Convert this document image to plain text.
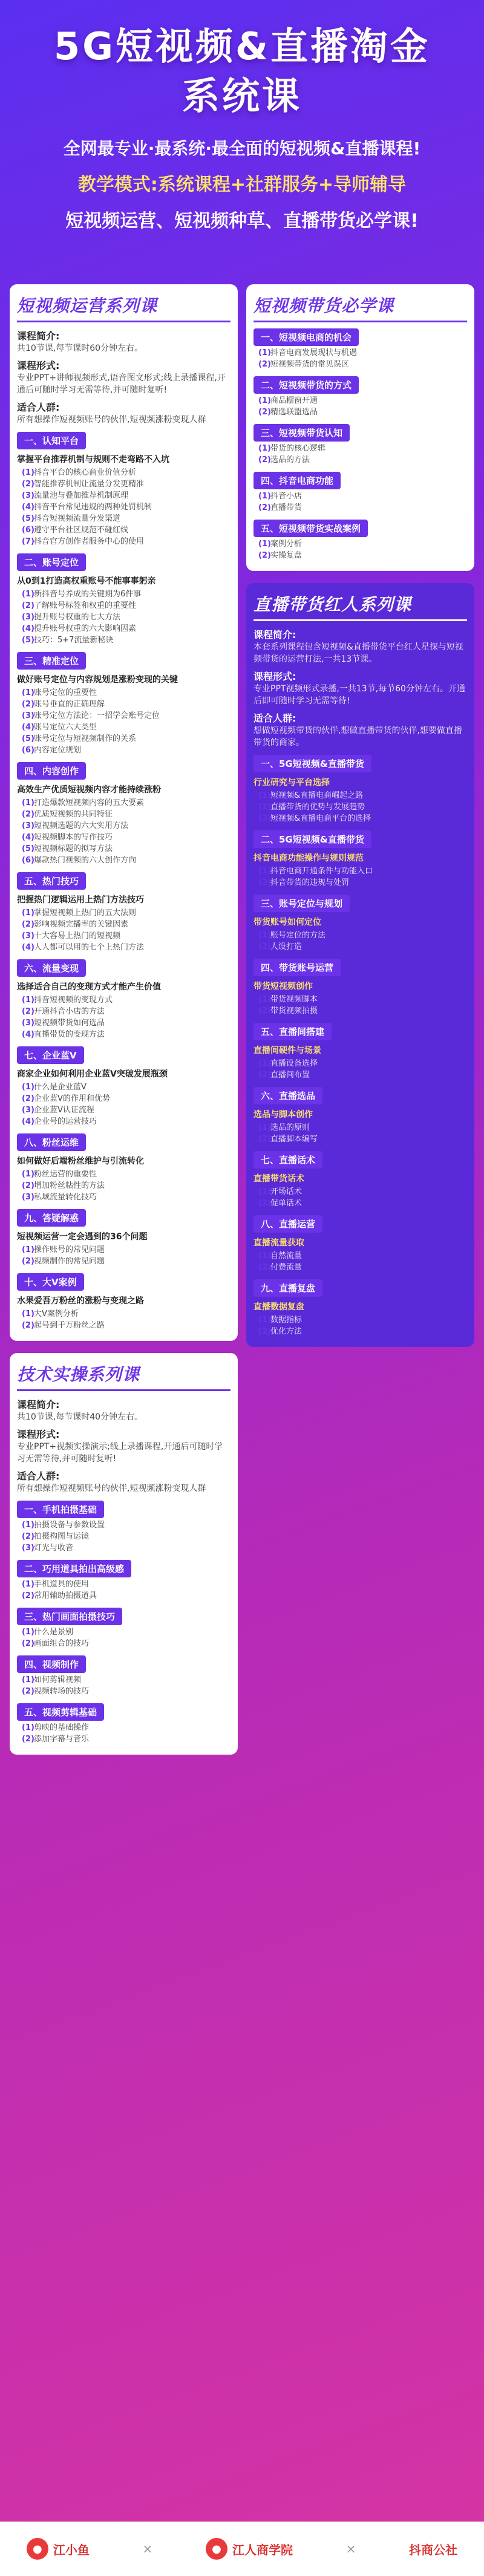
5G短视频&直播淘金
系统课
全网最专业·最系统·最全面的短视频&直播课程!
教学模式:系统课程+社群服务+导师辅导
短视频运营、短视频种草、直播带货必学课!
短视频运营系列课
课程简介:
共10节课,每节课时60分钟左右。
课程形式:
专业PPT+讲师视频形式,语音图文形式;线上录播课程,开通后可随时学习无需等待,并可随时复听!
适合人群:
所有想操作短视频账号的伙伴,短视频涨粉变现人群
一、认知平台
掌握平台推荐机制与规则不走弯路不入坑
(1)抖音平台的核心商业价值分析
(2)智能推荐机制让流量分发更精准
(3)流量池与叠加推荐机制原理
(4)抖音平台常见违规的两种处罚机制
(5)抖音短视频流量分发渠道
(6)遵守平台社区规范不碰红线
(7)抖音官方创作者服务中心的使用
二、账号定位
从0到1打造高权重账号不能事事躬亲
(1)新抖音号养成的关键期为6件事
(2)了解账号标签和权重的重要性
(3)提升账号权重的七大方法
(4)提升账号权重的六大影响因素
(5)技巧：5+7流量新秘诀
三、精准定位
做好账号定位与内容规划是涨粉变现的关键
(1)账号定位的重要性
(2)账号垂直的正确理解
(3)账号定位方法论：一招学会账号定位
(4)账号定位六大类型
(5)账号定位与短视频制作的关系
(6)内容定位规划
四、内容创作
高效生产优质短视频内容才能持续涨粉
(1)打造爆款短视频内容的五大要素
(2)优质短视频的共同特征
(3)短视频选题的六大实用方法
(4)短视频脚本的写作技巧
(5)短视频标题的拟写方法
(6)爆款热门视频的六大创作方向
五、热门技巧
把握热门逻辑运用上热门方法技巧
(1)掌握短视频上热门的五大法则
(2)影响视频完播率的关键因素
(3)十大容易上热门的短视频
(4)人人都可以用的七个上热门方法
六、流量变现
选择适合自己的变现方式才能产生价值
(1)抖音短视频的变现方式
(2)开通抖音小店的方法
(3)短视频带货如何选品
(4)直播带货的变现方法
七、企业蓝V
商家企业如何利用企业蓝V突破发展瓶颈
(1)什么是企业蓝V
(2)企业蓝V的作用和优势
(3)企业蓝V认证流程
(4)企业号的运营技巧
八、粉丝运维
如何做好后端粉丝维护与引流转化
(1)粉丝运营的重要性
(2)增加粉丝粘性的方法
(3)私域流量转化技巧
九、答疑解惑
短视频运营一定会遇到的36个问题
(1)操作账号的常见问题
(2)视频制作的常见问题
十、大V案例
水果爱吾万粉丝的涨粉与变现之路
(1)大V案例分析
(2)起号到千万粉丝之路
技术实操系列课
课程简介:
共10节课,每节课时40分钟左右。
课程形式:
专业PPT+视频实操演示;线上录播课程,开通后可随时学习无需等待,并可随时复听!
适合人群:
所有想操作短视频账号的伙伴,短视频涨粉变现人群
一、手机拍摄基础
(1)拍摄设备与参数设置
(2)拍摄构图与运镜
(3)灯光与收音
二、巧用道具拍出高级感
(1)手机道具的使用
(2)常用辅助拍摄道具
三、热门画面拍摄技巧
(1)什么是景别
(2)画面组合的技巧
四、视频制作
(1)如何剪辑视频
(2)视频转场的技巧
五、视频剪辑基础
(1)剪映的基础操作
(2)添加字幕与音乐
短视频带货必学课
一、短视频电商的机会
(1)抖音电商发展现状与机遇
(2)短视频带货的常见误区
二、短视频带货的方式
(1)商品橱窗开通
(2)精选联盟选品
三、短视频带货认知
(1)带货的核心逻辑
(2)选品的方法
四、抖音电商功能
(1)抖音小店
(2)直播带货
五、短视频带货实战案例
(1)案例分析
(2)实操复盘
直播带货红人系列课
课程简介:
本套系列课程包含短视频&直播带货平台红人星探与短视频带货的运营打法,一共13节课。
课程形式:
专业PPT视频形式录播,一共13节,每节60分钟左右。开通后即可随时学习无需等待!
适合人群:
想做短视频带货的伙伴,想做直播带货的伙伴,想要做直播带货的商家。
一、5G短视频&直播带货
行业研究与平台选择
(1)短视频&直播电商崛起之路
(2)直播带货的优势与发展趋势
(3)短视频&直播电商平台的选择
二、5G短视频&直播带货
抖音电商功能操作与规则规范
(1)抖音电商开通条件与功能入口
(2)抖音带货的违规与处罚
三、账号定位与规划
带货账号如何定位
(1)账号定位的方法
(2)人设打造
四、带货账号运营
带货短视频创作
(1)带货视频脚本
(2)带货视频拍摄
五、直播间搭建
直播间硬件与场景
(1)直播设备选择
(2)直播间布置
六、直播选品
选品与脚本创作
(1)选品的原则
(2)直播脚本编写
七、直播话术
直播带货话术
(1)开场话术
(2)促单话术
八、直播运营
直播流量获取
(1)自然流量
(2)付费流量
九、直播复盘
直播数据复盘
(1)数据指标
(2)优化方法
● 江小鱼	×	● 江人商学院	×	抖商公社
